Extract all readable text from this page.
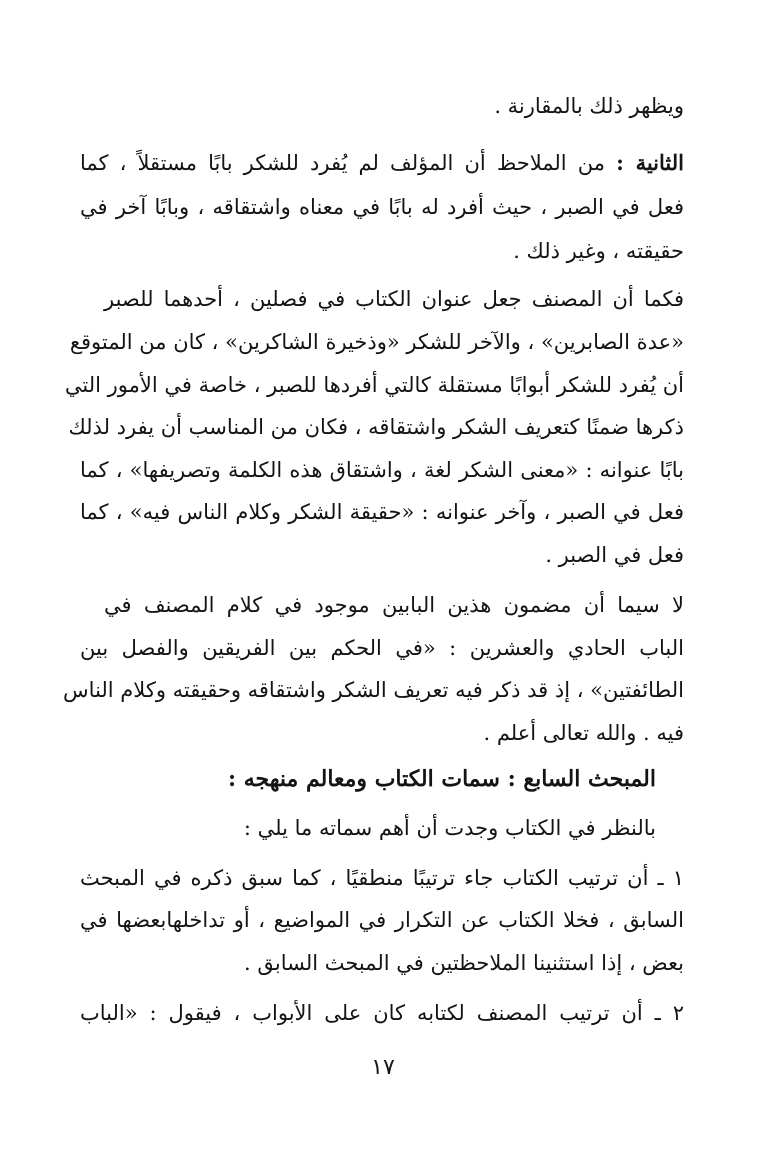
ويظهر ذلك بالمقارنة .
الثانية : من الملاحظ أن المؤلف لم يُفرد للشكر بابًا مستقلاً ، كما
فعل في الصبر ، حيث أفرد له بابًا في معناه واشتقاقه ، وبابًا آخر في
حقيقته ، وغير ذلك .
فكما أن المصنف جعل عنوان الكتاب في فصلين ، أحدهما للصبر
«عدة الصابرين» ، والآخر للشكر «وذخيرة الشاكرين» ، كان من المتوقع
أن يُفرد للشكر أبوابًا مستقلة كالتي أفردها للصبر ، خاصة في الأمور التي
ذكرها ضمنًا كتعريف الشكر واشتقاقه ، فكان من المناسب أن يفرد لذلك
بابًا عنوانه : «معنى الشكر لغة ، واشتقاق هذه الكلمة وتصريفها» ، كما
فعل في الصبر ، وآخر عنوانه : «حقيقة الشكر وكلام الناس فيه» ، كما
فعل في الصبر .
لا سيما أن مضمون هذين البابين موجود في كلام المصنف في
الباب الحادي والعشرين : «في الحكم بين الفريقين والفصل بين
الطائفتين» ، إذ قد ذكر فيه تعريف الشكر واشتقاقه وحقيقته وكلام الناس
فيه . والله تعالى أعلم .
المبحث السابع : سمات الكتاب ومعالم منهجه :
بالنظر في الكتاب وجدت أن أهم سماته ما يلي :
١ ـ أن ترتيب الكتاب جاء ترتيبًا منطقيًا ، كما سبق ذكره في المبحث
السابق ، فخلا الكتاب عن التكرار في المواضيع ، أو تداخلهابعضها في
بعض ، إذا استثنينا الملاحظتين في المبحث السابق .
٢ ـ أن ترتيب المصنف لكتابه كان على الأبواب ، فيقول : «الباب
١٧
